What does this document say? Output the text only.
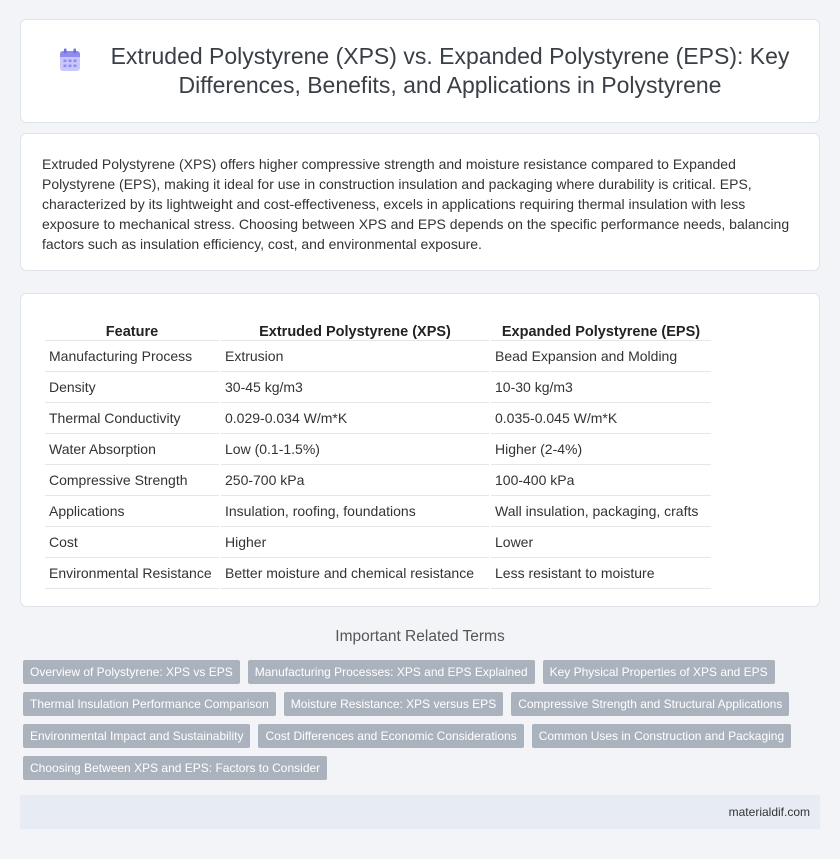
Extruded Polystyrene (XPS) vs. Expanded Polystyrene (EPS): Key Differences, Benefits, and Applications in Polystyrene

Extruded Polystyrene (XPS) offers higher compressive strength and moisture resistance compared to Expanded Polystyrene (EPS), making it ideal for use in construction insulation and packaging where durability is critical. EPS, characterized by its lightweight and cost-effectiveness, excels in applications requiring thermal insulation with less exposure to mechanical stress. Choosing between XPS and EPS depends on the specific performance needs, balancing factors such as insulation efficiency, cost, and environmental exposure.

Feature	Extruded Polystyrene (XPS)	Expanded Polystyrene (EPS)
Manufacturing Process	Extrusion	Bead Expansion and Molding
Density	30-45 kg/m3	10-30 kg/m3
Thermal Conductivity	0.029-0.034 W/m*K	0.035-0.045 W/m*K
Water Absorption	Low (0.1-1.5%)	Higher (2-4%)
Compressive Strength	250-700 kPa	100-400 kPa
Applications	Insulation, roofing, foundations	Wall insulation, packaging, crafts
Cost	Higher	Lower
Environmental Resistance	Better moisture and chemical resistance	Less resistant to moisture
Important Related Terms
Overview of Polystyrene: XPS vs EPS	Manufacturing Processes: XPS and EPS Explained	Key Physical Properties of XPS and EPS
Thermal Insulation Performance Comparison	Moisture Resistance: XPS versus EPS	Compressive Strength and Structural Applications
Environmental Impact and Sustainability	Cost Differences and Economic Considerations	Common Uses in Construction and Packaging
Choosing Between XPS and EPS: Factors to Consider
materialdif.com
